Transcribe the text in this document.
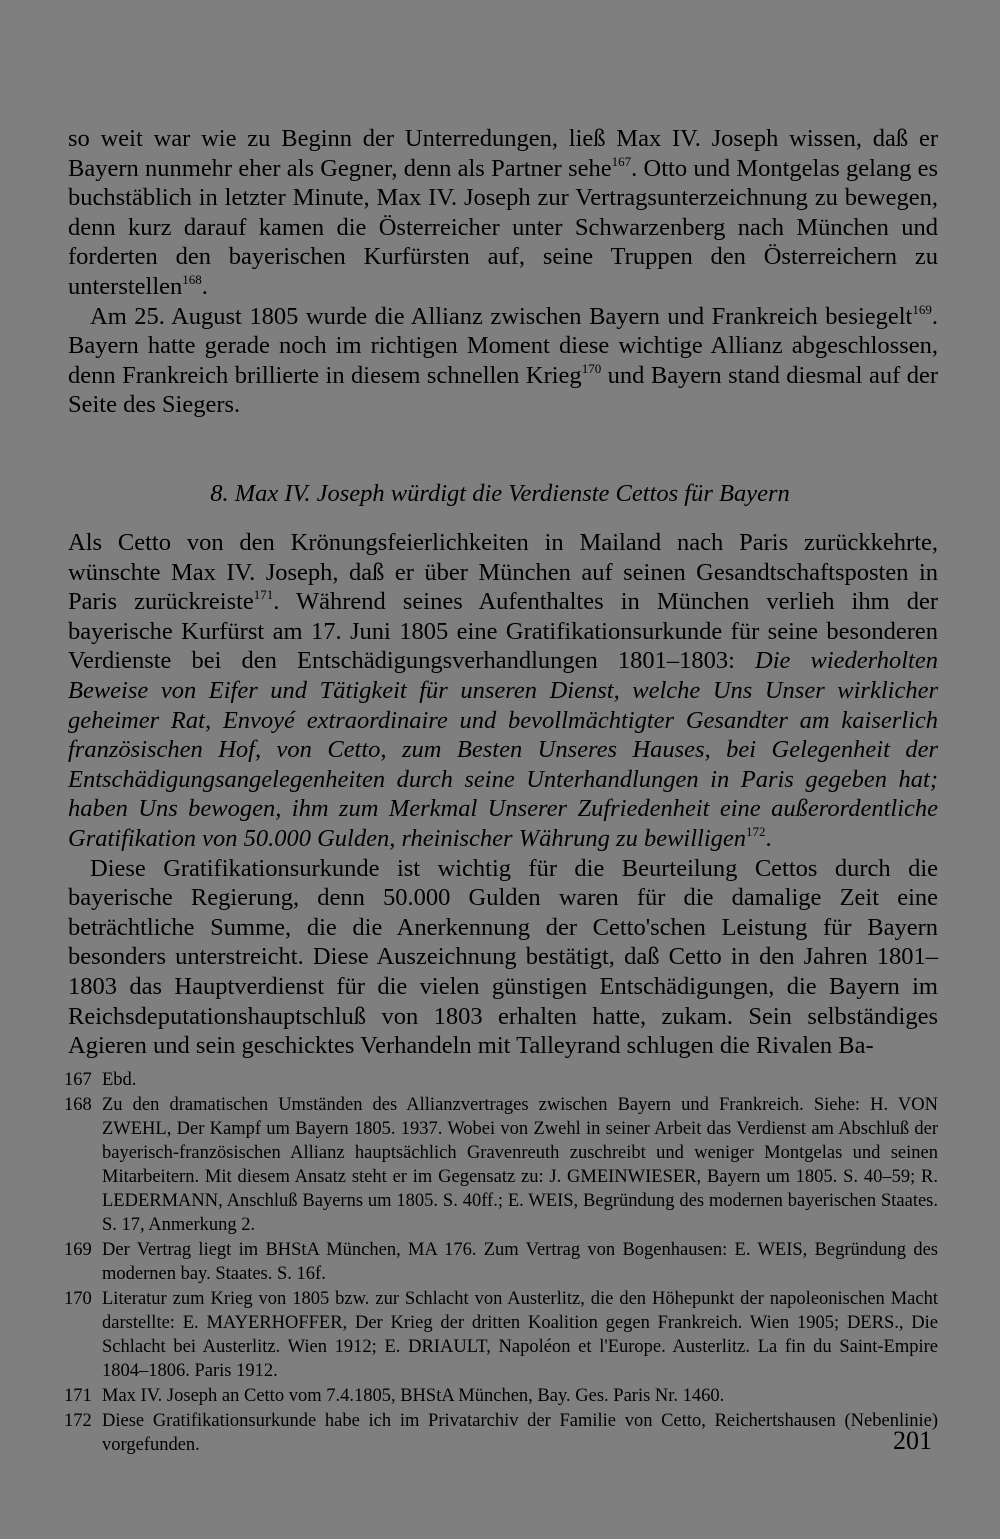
so weit war wie zu Beginn der Unterredungen, ließ Max IV. Joseph wissen, daß er Bayern nunmehr eher als Gegner, denn als Partner sehe$^{167}$. Otto und Montgelas gelang es buchstäblich in letzter Minute, Max IV. Joseph zur Vertragsunterzeichnung zu bewegen, denn kurz darauf kamen die Österreicher unter Schwarzenberg nach München und forderten den bayerischen Kurfürsten auf, seine Truppen den Österreichern zu unterstellen$^{168}$.

Am 25. August 1805 wurde die Allianz zwischen Bayern und Frankreich besiegelt$^{169}$. Bayern hatte gerade noch im richtigen Moment diese wichtige Allianz abgeschlossen, denn Frankreich brillierte in diesem schnellen Krieg$^{170}$ und Bayern stand diesmal auf der Seite des Siegers.

8. Max IV. Joseph würdigt die Verdienste Cettos für Bayern

Als Cetto von den Krönungsfeierlichkeiten in Mailand nach Paris zurückkehrte, wünschte Max IV. Joseph, daß er über München auf seinen Gesandtschaftsposten in Paris zurückreiste$^{171}$. Während seines Aufenthaltes in München verlieh ihm der bayerische Kurfürst am 17. Juni 1805 eine Gratifikationsurkunde für seine besonderen Verdienste bei den Entschädigungsverhandlungen 1801–1803: Die wiederholten Beweise von Eifer und Tätigkeit für unseren Dienst, welche Uns Unser wirklicher geheimer Rat, Envoyé extraordinaire und bevollmächtigter Gesandter am kaiserlich französischen Hof, von Cetto, zum Besten Unseres Hauses, bei Gelegenheit der Entschädigungsangelegenheiten durch seine Unterhandlungen in Paris gegeben hat; haben Uns bewogen, ihm zum Merkmal Unserer Zufriedenheit eine außerordentliche Gratifikation von 50.000 Gulden, rheinischer Währung zu bewilligen$^{172}$.

Diese Gratifikationsurkunde ist wichtig für die Beurteilung Cettos durch die bayerische Regierung, denn 50.000 Gulden waren für die damalige Zeit eine beträchtliche Summe, die die Anerkennung der Cetto'schen Leistung für Bayern besonders unterstreicht. Diese Auszeichnung bestätigt, daß Cetto in den Jahren 1801–1803 das Hauptverdienst für die vielen günstigen Entschädigungen, die Bayern im Reichsdeputationshauptschluß von 1803 erhalten hatte, zukam. Sein selbständiges Agieren und sein geschicktes Verhandeln mit Talleyrand schlugen die Rivalen Ba-

167 Ebd.
168 Zu den dramatischen Umständen des Allianzvertrages zwischen Bayern und Frankreich. Siehe: H. VON ZWEHL, Der Kampf um Bayern 1805. 1937. Wobei von Zwehl in seiner Arbeit das Verdienst am Abschluß der bayerisch-französischen Allianz hauptsächlich Gravenreuth zuschreibt und weniger Montgelas und seinen Mitarbeitern. Mit diesem Ansatz steht er im Gegensatz zu: J. GMEINWIESER, Bayern um 1805. S. 40–59; R. LEDERMANN, Anschluß Bayerns um 1805. S. 40ff.; E. WEIS, Begründung des modernen bayerischen Staates. S. 17, Anmerkung 2.
169 Der Vertrag liegt im BHStA München, MA 176. Zum Vertrag von Bogenhausen: E. WEIS, Begründung des modernen bay. Staates. S. 16f.
170 Literatur zum Krieg von 1805 bzw. zur Schlacht von Austerlitz, die den Höhepunkt der napoleonischen Macht darstellte: E. MAYERHOFFER, Der Krieg der dritten Koalition gegen Frankreich. Wien 1905; DERS., Die Schlacht bei Austerlitz. Wien 1912; E. DRIAULT, Napoléon et l'Europe. Austerlitz. La fin du Saint-Empire 1804–1806. Paris 1912.
171 Max IV. Joseph an Cetto vom 7.4.1805, BHStA München, Bay. Ges. Paris Nr. 1460.
172 Diese Gratifikationsurkunde habe ich im Privatarchiv der Familie von Cetto, Reichertshausen (Nebenlinie) vorgefunden.	201
